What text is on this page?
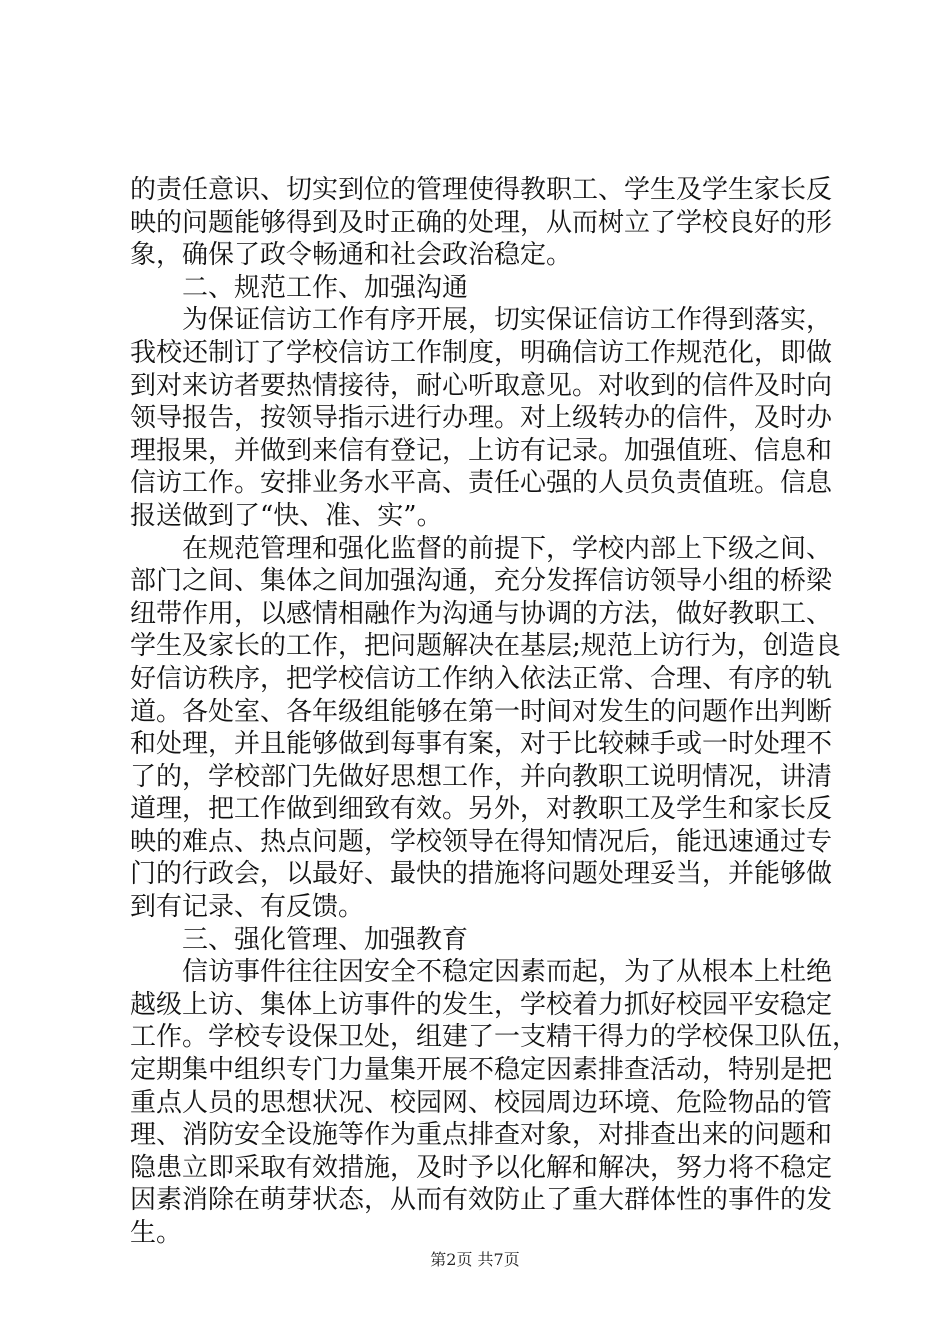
的责任意识、切实到位的管理使得教职工、学生及学生家长反
映的问题能够得到及时正确的处理，从而树立了学校良好的形
象，确保了政令畅通和社会政治稳定。
　　二、规范工作、加强沟通
　　为保证信访工作有序开展，切实保证信访工作得到落实，
我校还制订了学校信访工作制度，明确信访工作规范化，即做
到对来访者要热情接待，耐心听取意见。对收到的信件及时向
领导报告，按领导指示进行办理。对上级转办的信件，及时办
理报果，并做到来信有登记，上访有记录。加强值班、信息和
信访工作。安排业务水平高、责任心强的人员负责值班。信息
报送做到了“快、准、实”。
　　在规范管理和强化监督的前提下，学校内部上下级之间、
部门之间、集体之间加强沟通，充分发挥信访领导小组的桥梁
纽带作用，以感情相融作为沟通与协调的方法，做好教职工、
学生及家长的工作，把问题解决在基层;规范上访行为，创造良
好信访秩序，把学校信访工作纳入依法正常、合理、有序的轨
道。各处室、各年级组能够在第一时间对发生的问题作出判断
和处理，并且能够做到每事有案，对于比较棘手或一时处理不
了的，学校部门先做好思想工作，并向教职工说明情况，讲清
道理，把工作做到细致有效。另外，对教职工及学生和家长反
映的难点、热点问题，学校领导在得知情况后，能迅速通过专
门的行政会，以最好、最快的措施将问题处理妥当，并能够做
到有记录、有反馈。
　　三、强化管理、加强教育
　　信访事件往往因安全不稳定因素而起，为了从根本上杜绝
越级上访、集体上访事件的发生，学校着力抓好校园平安稳定
工作。学校专设保卫处，组建了一支精干得力的学校保卫队伍，
定期集中组织专门力量集开展不稳定因素排查活动，特别是把
重点人员的思想状况、校园网、校园周边环境、危险物品的管
理、消防安全设施等作为重点排查对象，对排查出来的问题和
隐患立即采取有效措施，及时予以化解和解决，努力将不稳定
因素消除在萌芽状态，从而有效防止了重大群体性的事件的发
生。
第2页 共7页
